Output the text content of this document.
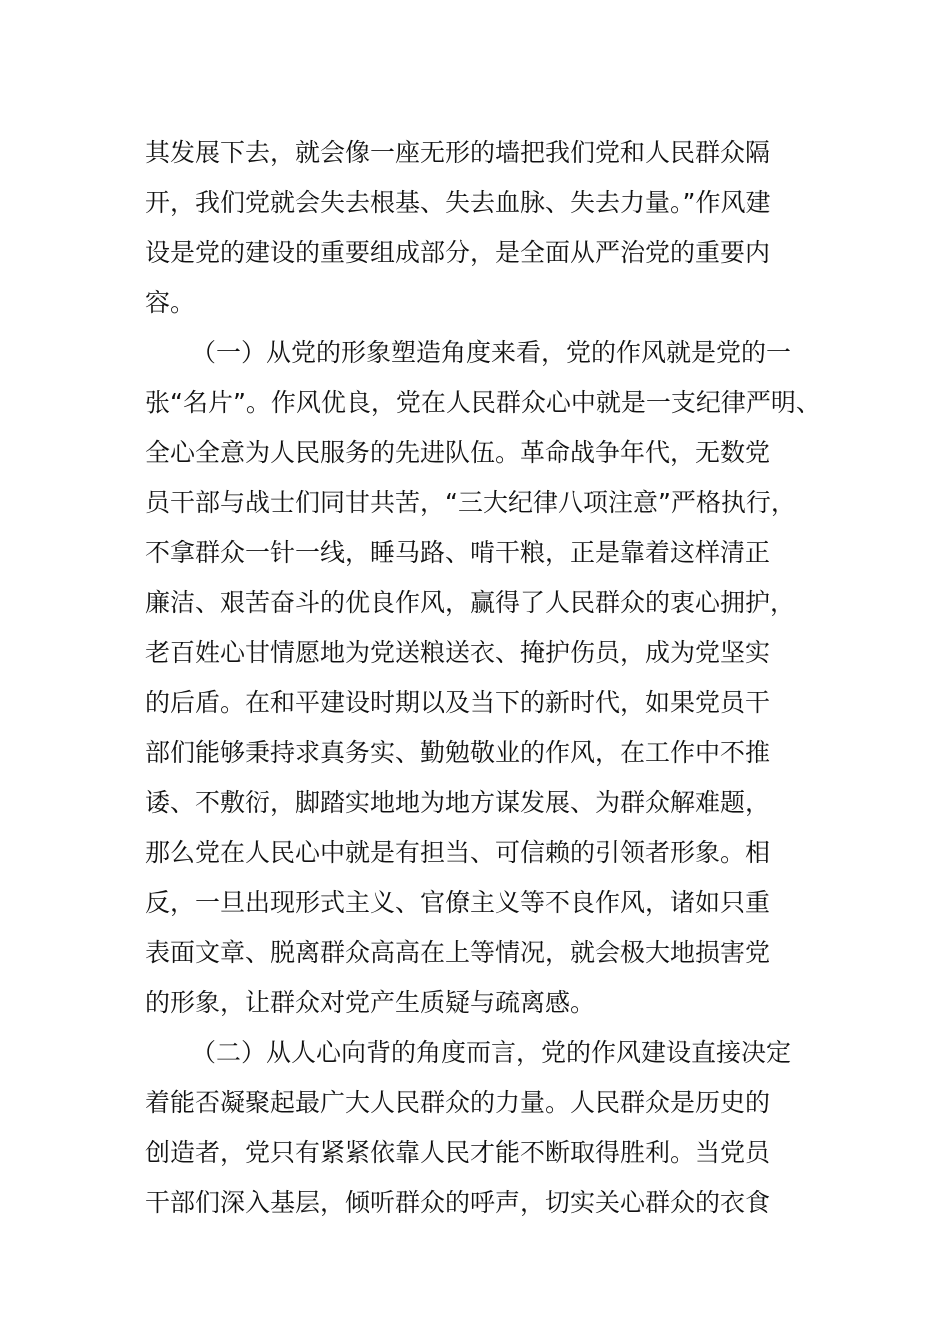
其发展下去，就会像一座无形的墙把我们党和人民群众隔
开，我们党就会失去根基、失去血脉、失去力量。”作风建
设是党的建设的重要组成部分，是全面从严治党的重要内
容。
（一）从党的形象塑造角度来看，党的作风就是党的一
张“名片”。作风优良，党在人民群众心中就是一支纪律严明、
全心全意为人民服务的先进队伍。革命战争年代，无数党
员干部与战士们同甘共苦，“三大纪律八项注意”严格执行，
不拿群众一针一线，睡马路、啃干粮，正是靠着这样清正
廉洁、艰苦奋斗的优良作风，赢得了人民群众的衷心拥护，
老百姓心甘情愿地为党送粮送衣、掩护伤员，成为党坚实
的后盾。在和平建设时期以及当下的新时代，如果党员干
部们能够秉持求真务实、勤勉敬业的作风，在工作中不推
诿、不敷衍，脚踏实地地为地方谋发展、为群众解难题，
那么党在人民心中就是有担当、可信赖的引领者形象。相
反，一旦出现形式主义、官僚主义等不良作风，诸如只重
表面文章、脱离群众高高在上等情况，就会极大地损害党
的形象，让群众对党产生质疑与疏离感。
（二）从人心向背的角度而言，党的作风建设直接决定
着能否凝聚起最广大人民群众的力量。人民群众是历史的
创造者，党只有紧紧依靠人民才能不断取得胜利。当党员
干部们深入基层，倾听群众的呼声，切实关心群众的衣食
